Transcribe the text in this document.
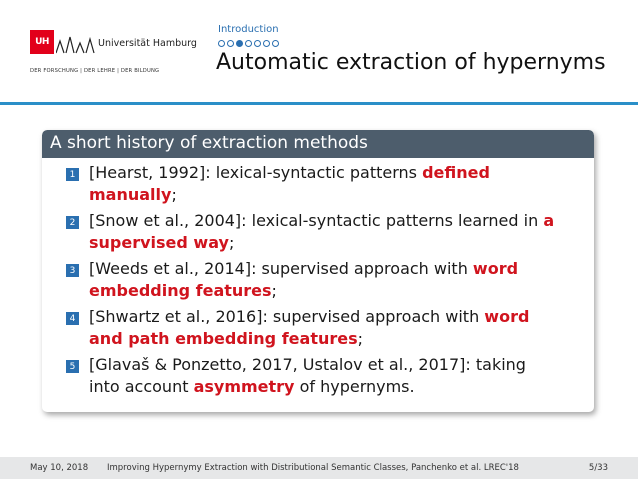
UH	Universität Hamburg
DER FORSCHUNG | DER LEHRE | DER BILDUNG
Introduction
Automatic extraction of hypernyms
A short history of extraction methods
1 [Hearst, 1992]: lexical-syntactic patterns defined manually;
2 [Snow et al., 2004]: lexical-syntactic patterns learned in a supervised way;
3 [Weeds et al., 2014]: supervised approach with word embedding features;
4 [Shwartz et al., 2016]: supervised approach with word and path embedding features;
5 [Glavaš & Ponzetto, 2017, Ustalov et al., 2017]: taking into account asymmetry of hypernyms.
May 10, 2018 Improving Hypernymy Extraction with Distributional Semantic Classes, Panchenko et al. LREC'18	5/33
